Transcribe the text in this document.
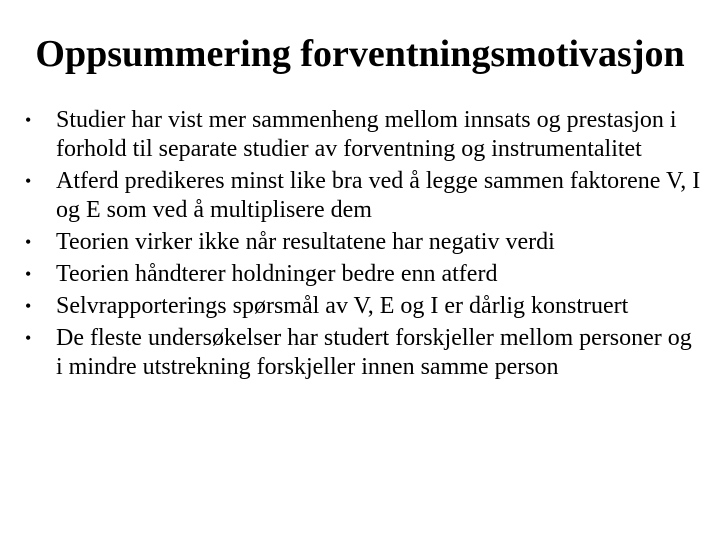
Oppsummering forventningsmotivasjon
• Studier har vist mer sammenheng mellom innsats og prestasjon i forhold til separate studier av forventning og instrumentalitet
• Atferd predikeres minst like bra ved å legge sammen faktorene V, I og E som ved å multiplisere dem
• Teorien virker ikke når resultatene har negativ verdi
• Teorien håndterer holdninger bedre enn atferd
• Selvrapporterings spørsmål av V, E og I er dårlig konstruert
• De fleste undersøkelser har studert forskjeller mellom personer og i mindre utstrekning forskjeller innen samme person
